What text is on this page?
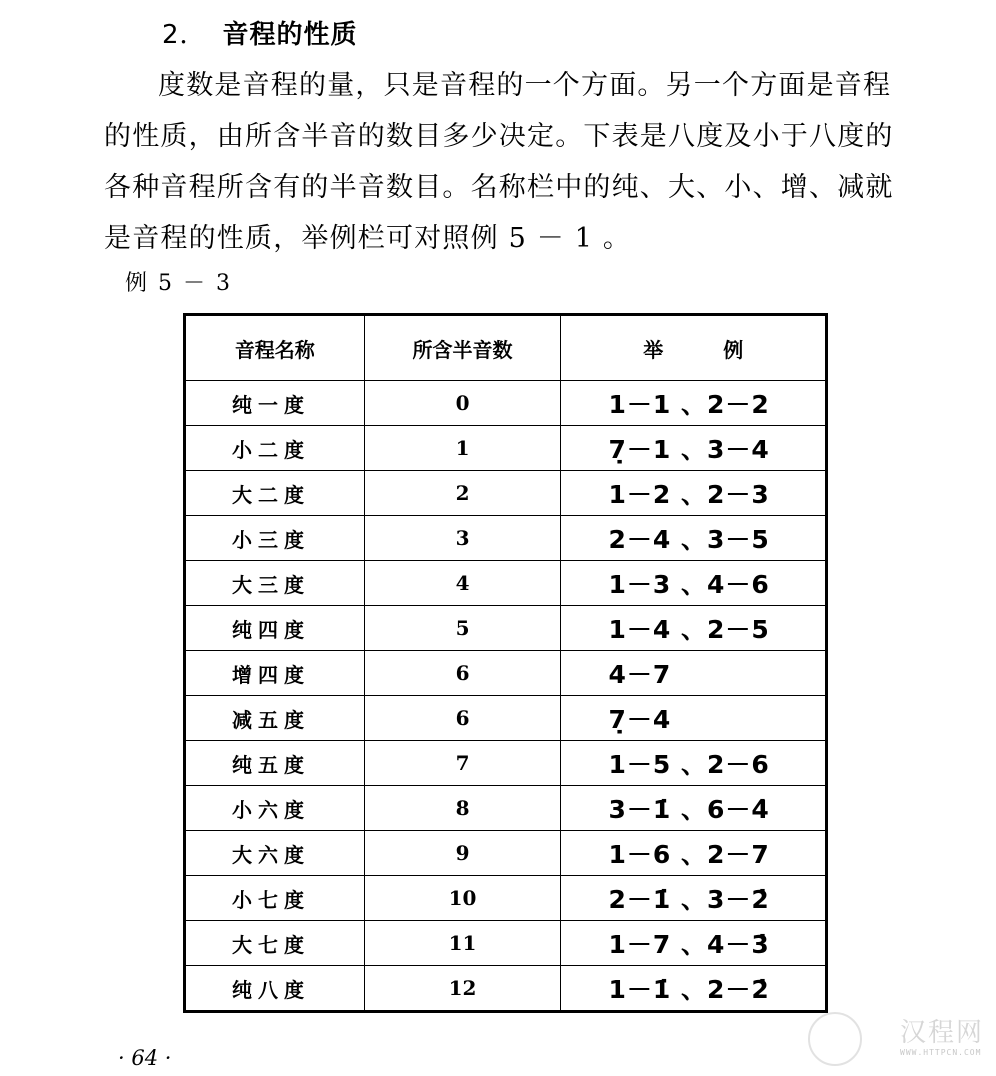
2． 音程的性质

度数是音程的量，只是音程的一个方面。另一个方面是音程的性质，由所含半音的数目多少决定。下表是八度及小于八度的各种音程所含有的半音数目。名称栏中的纯、大、小、增、减就是音程的性质，举例栏可对照例 5 － 1 。

例 5 － 3
音程名称	所含半音数	举 例
纯一度	0	1－1 、2－2
小二度	1	7̣－1 、3－4
大二度	2	1－2 、2－3
小三度	3	2－4 、3－5
大三度	4	1－3 、4－6
纯四度	5	1－4 、2－5
增四度	6	4－7
减五度	6	7̣－4
纯五度	7	1－5 、2－6
小六度	8	3－1̇ 、6－4̇
大六度	9	1－6 、2－7
小七度	10	2－1̇ 、3－2̇
大七度	11	1－7 、4－3̇
纯八度	12	1－1̇ 、2－2̇
· 64 ·
汉程网
WWW.HTTPCN.COM
